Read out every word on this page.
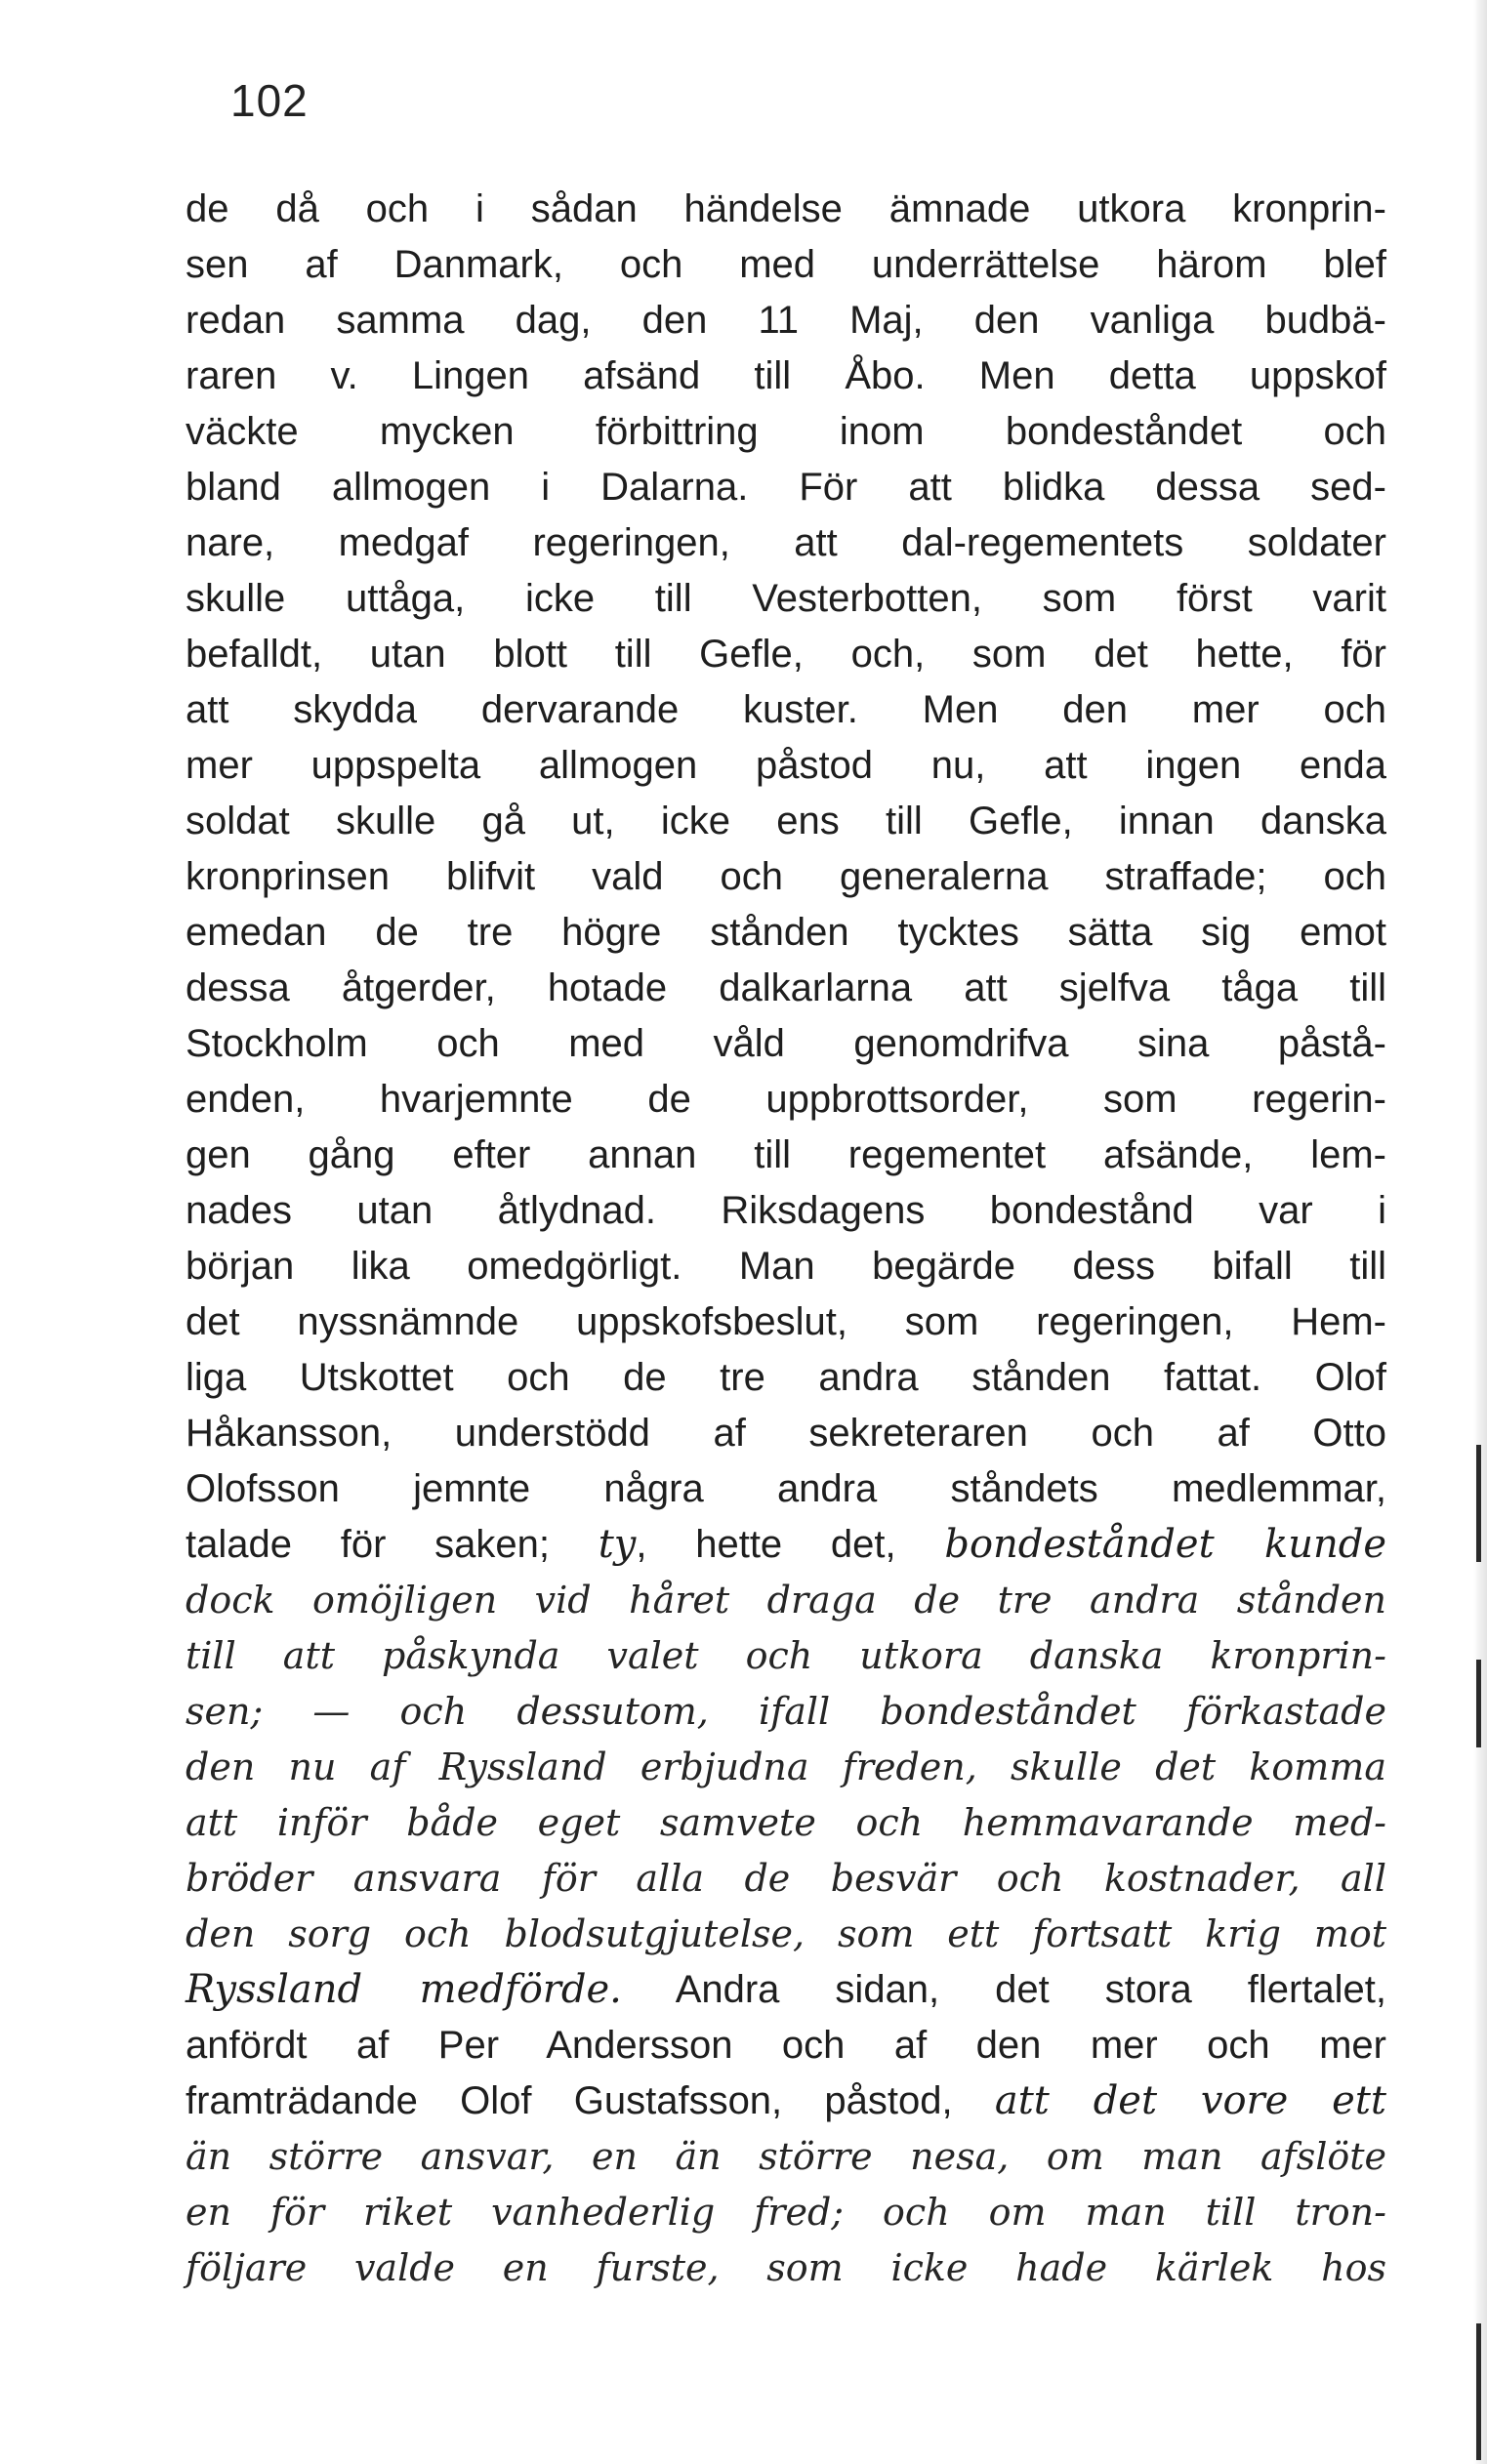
102
de då och i sådan händelse ämnade utkora kronprin-
sen af Danmark, och med underrättelse härom blef
redan samma dag, den 11 Maj, den vanliga budbä-
raren v. Lingen afsänd till Åbo. Men detta uppskof
väckte mycken förbittring inom bondeståndet och
bland allmogen i Dalarna. För att blidka dessa sed-
nare, medgaf regeringen, att dal-regementets soldater
skulle uttåga, icke till Vesterbotten, som först varit
befalldt, utan blott till Gefle, och, som det hette, för
att skydda dervarande kuster. Men den mer och
mer uppspelta allmogen påstod nu, att ingen enda
soldat skulle gå ut, icke ens till Gefle, innan danska
kronprinsen blifvit vald och generalerna straffade; och
emedan de tre högre stånden tycktes sätta sig emot
dessa åtgerder, hotade dalkarlarna att sjelfva tåga till
Stockholm och med våld genomdrifva sina påstå-
enden, hvarjemnte de uppbrottsorder, som regerin-
gen gång efter annan till regementet afsände, lem-
nades utan åtlydnad. Riksdagens bondestånd var i
början lika omedgörligt. Man begärde dess bifall till
det nyssnämnde uppskofsbeslut, som regeringen, Hem-
liga Utskottet och de tre andra stånden fattat. Olof
Håkansson, understödd af sekreteraren och af Otto
Olofsson jemnte några andra ståndets medlemmar,
talade för saken; ty, hette det, bondeståndet kunde
dock omöjligen vid håret draga de tre andra stånden
till att påskynda valet och utkora danska kronprin-
sen; — och dessutom, ifall bondeståndet förkastade
den nu af Ryssland erbjudna freden, skulle det komma
att inför både eget samvete och hemmavarande med-
bröder ansvara för alla de besvär och kostnader, all
den sorg och blodsutgjutelse, som ett fortsatt krig mot
Ryssland medförde. Andra sidan, det stora flertalet,
anfördt af Per Andersson och af den mer och mer
framträdande Olof Gustafsson, påstod, att det vore ett
än större ansvar, en än större nesa, om man afslöte
en för riket vanhederlig fred; och om man till tron-
följare valde en furste, som icke hade kärlek hos
